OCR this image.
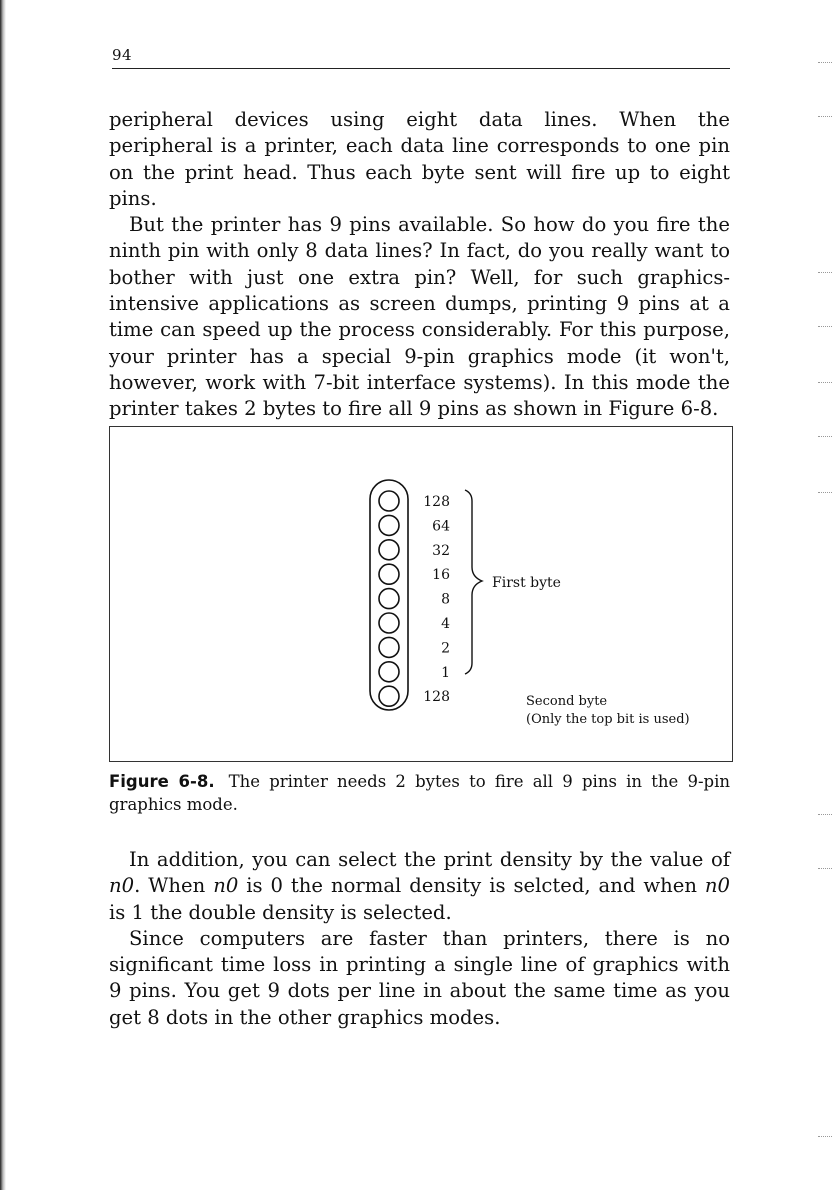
94

peripheral devices using eight data lines. When the peripheral is a printer, each data line corresponds to one pin on the print head. Thus each byte sent will fire up to eight pins.

But the printer has 9 pins available. So how do you fire the ninth pin with only 8 data lines? In fact, do you really want to bother with just one extra pin? Well, for such graphics-intensive applications as screen dumps, printing 9 pins at a time can speed up the process considerably. For this purpose, your printer has a special 9-pin graphics mode (it won't, however, work with 7-bit interface systems). In this mode the printer takes 2 bytes to fire all 9 pins as shown in Figure 6-8.

128
64
32
16
8
4
2
1
128
First byte
Second byte
(Only the top bit is used)
Figure 6-8. The printer needs 2 bytes to fire all 9 pins in the 9-pin graphics mode.

In addition, you can select the print density by the value of n0. When n0 is 0 the normal density is selcted, and when n0 is 1 the double density is selected.

Since computers are faster than printers, there is no significant time loss in printing a single line of graphics with 9 pins. You get 9 dots per line in about the same time as you get 8 dots in the other graphics modes.
